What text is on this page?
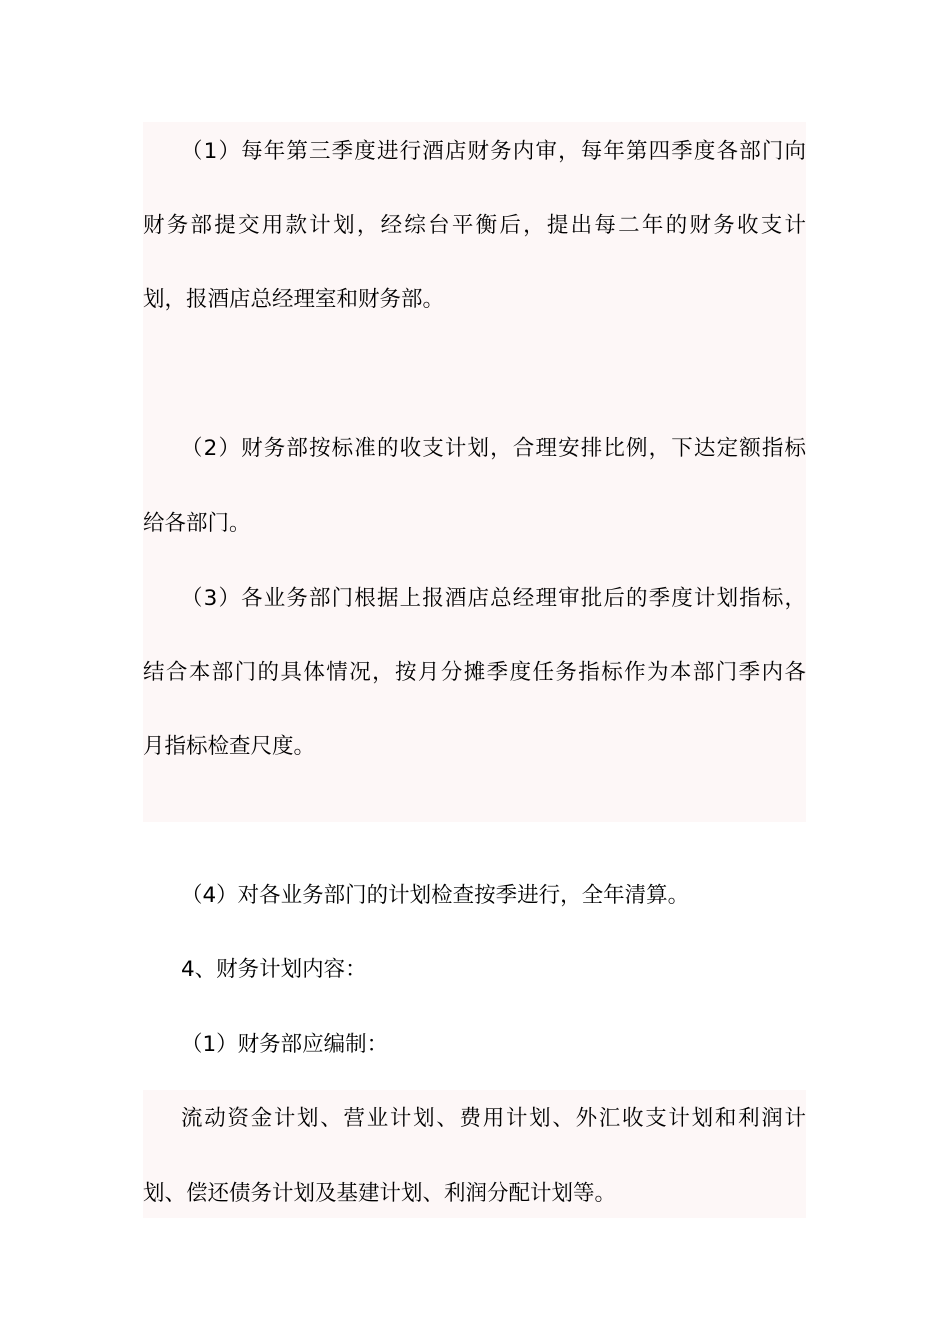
（1）每年第三季度进行酒店财务内审，每年第四季度各部门向
财务部提交用款计划，经综台平衡后，提出每二年的财务收支计
划，报酒店总经理室和财务部。
（2）财务部按标准的收支计划，合理安排比例，下达定额指标
给各部门。
（3）各业务部门根据上报酒店总经理审批后的季度计划指标，
结合本部门的具体情况，按月分摊季度任务指标作为本部门季内各
月指标检查尺度。
（4）对各业务部门的计划检查按季进行，全年清算。
4、财务计划内容：
（1）财务部应编制：
流动资金计划、营业计划、费用计划、外汇收支计划和利润计
划、偿还债务计划及基建计划、利润分配计划等。
